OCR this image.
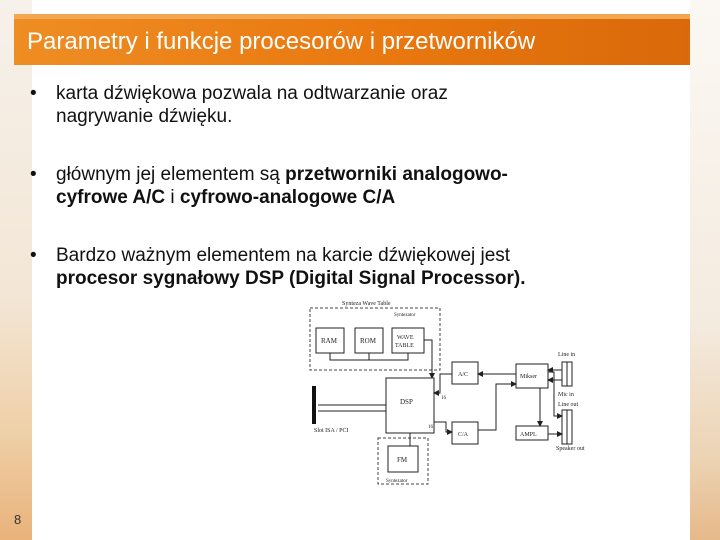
Parametry i funkcje procesorów i przetworników
• karta dźwiękowa pozwala na odtwarzanie oraz
nagrywanie dźwięku.
• głównym jej elementem są przetworniki analogowo-
cyfrowe A/C i cyfrowo-analogowe C/A
• Bardzo ważnym elementem na karcie dźwiękowej jest
procesor sygnałowy DSP (Digital Signal Processor).
Synteza Wave Table
Syntezator
RAM	ROM	WAVE
TABLE
DSP
Slot ISA / PCI
A/C
C/A
16
16
Mikser
AMPL
Line in
Mic in
Line out
Speaker out
FM
Syntezator
8
